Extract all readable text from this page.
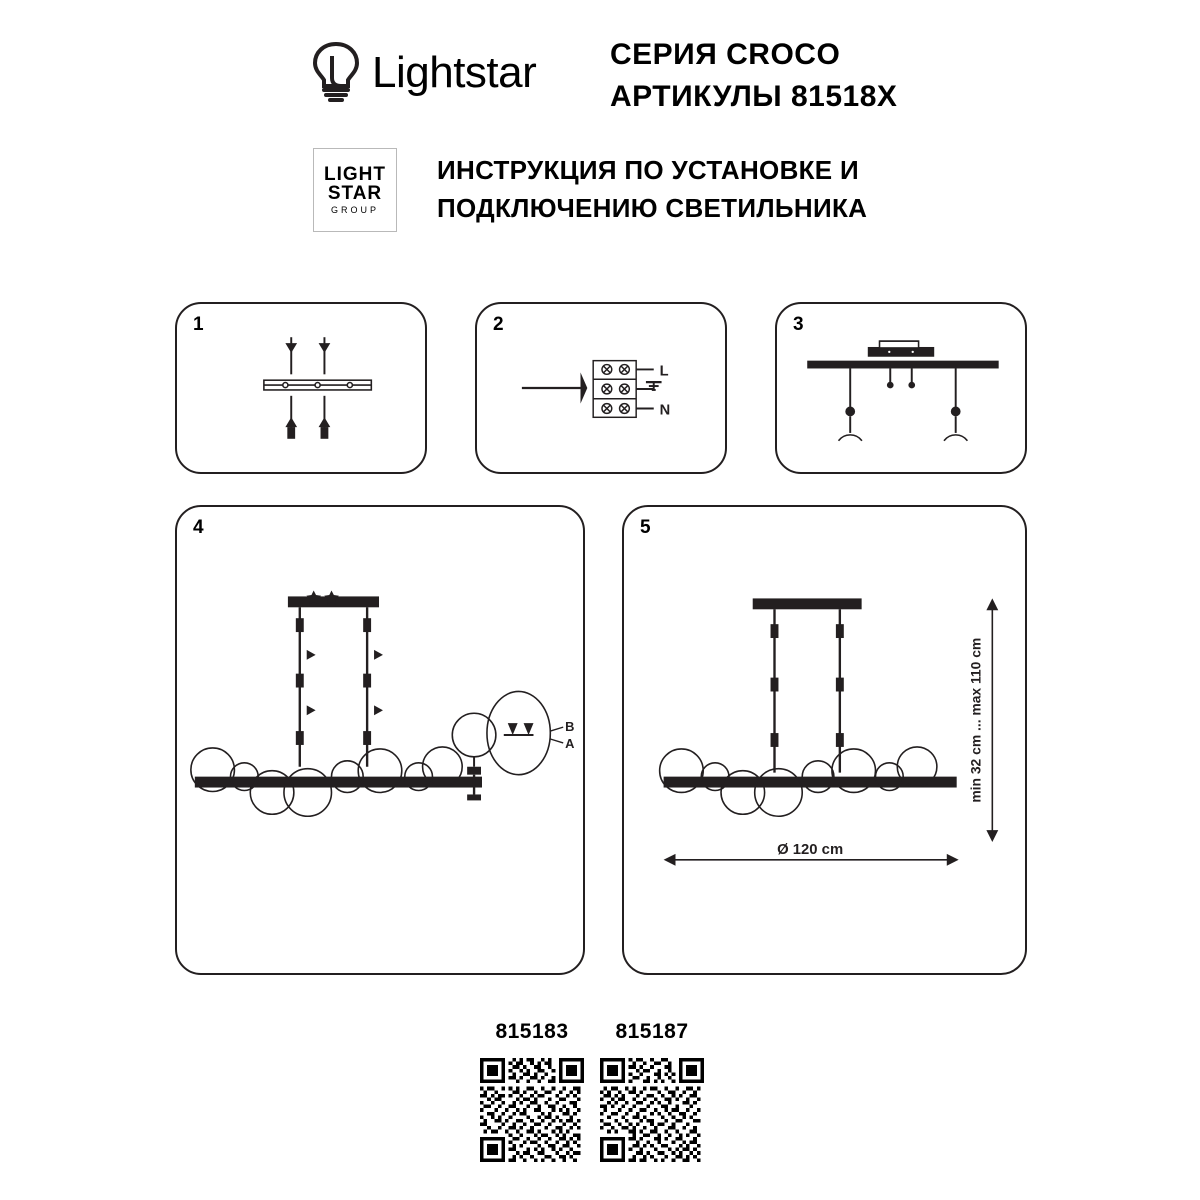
Lightstar СЕРИЯ CROCO
АРТИКУЛЫ 81518X
LIGHT
STAR
GROUP
ИНСТРУКЦИЯ ПО УСТАНОВКЕ И
ПОДКЛЮЧЕНИЮ СВЕТИЛЬНИКА
1	2
L
N
3
4
B
A
5
min 32 cm ... max 110 cm
Ø 120 cm
815183	815187
